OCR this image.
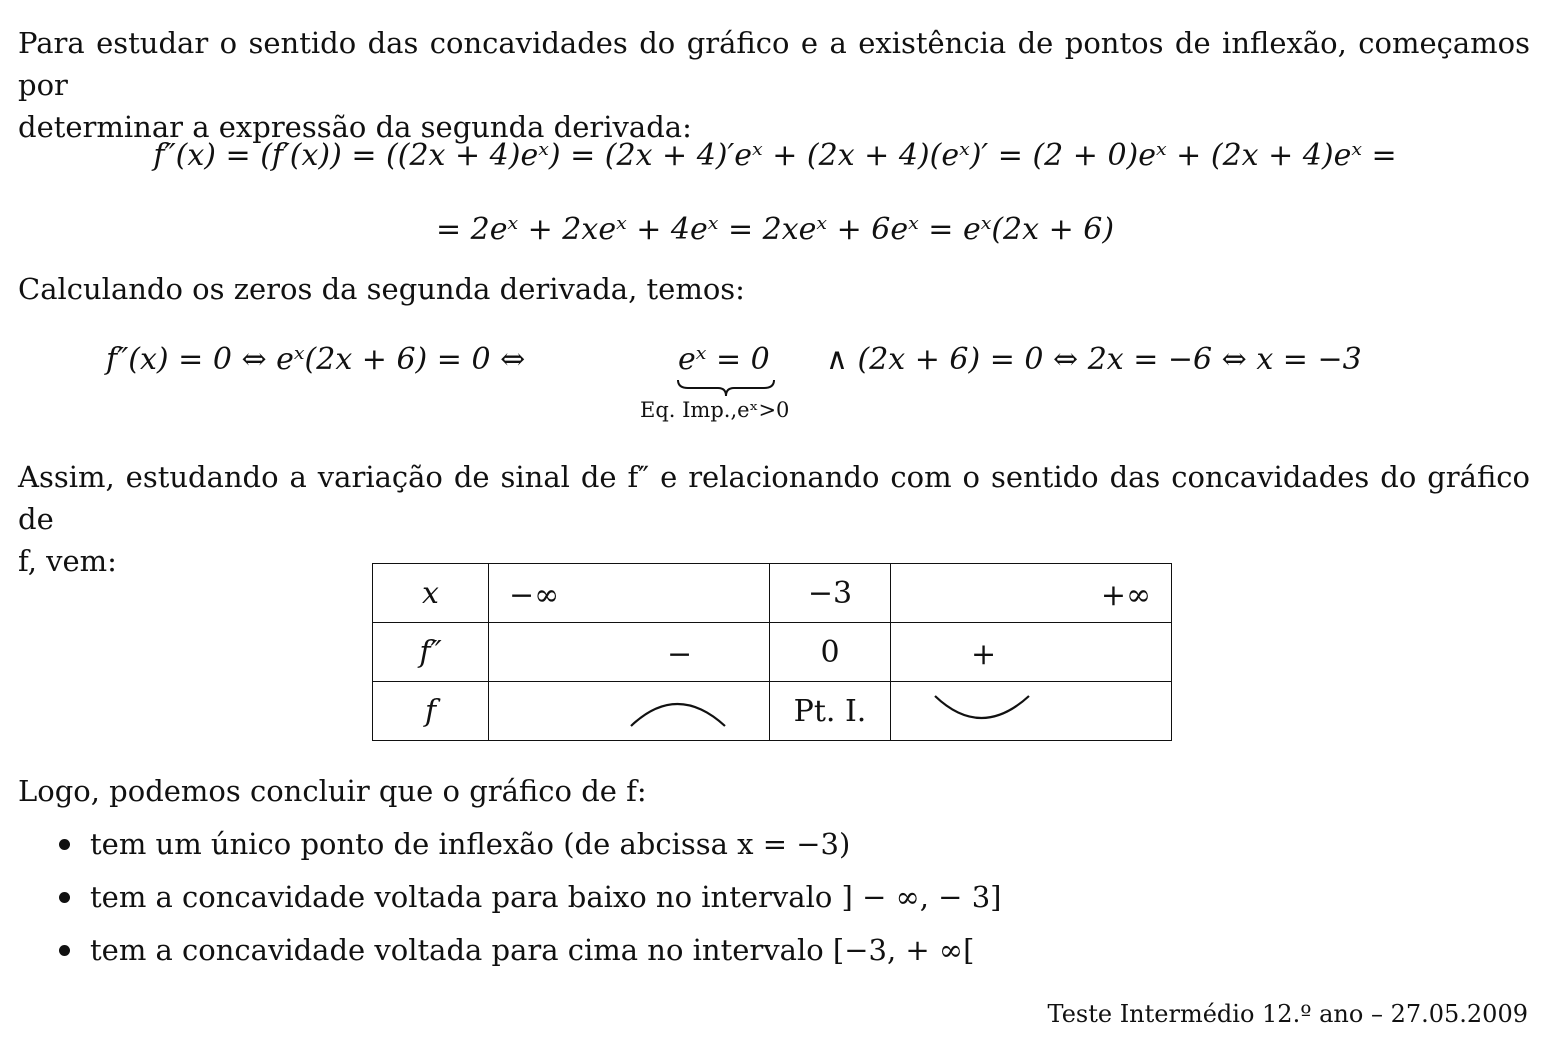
Para estudar o sentido das concavidades do gráfico e a existência de pontos de inflexão, começamos por
determinar a expressão da segunda derivada:

f″(x) = (f′(x)) = ((2x + 4)eˣ) = (2x + 4)′eˣ + (2x + 4)(eˣ)′ = (2 + 0)eˣ + (2x + 4)eˣ =
= 2eˣ + 2xeˣ + 4eˣ = 2xeˣ + 6eˣ = eˣ(2x + 6)

Calculando os zeros da segunda derivada, temos:

f″(x) = 0 ⇔ eˣ(2x + 6) = 0 ⇔	eˣ = 0
Eq. Imp.,eˣ>0
∧ (2x + 6) = 0 ⇔ 2x = −6 ⇔ x = −3

Assim, estudando a variação de sinal de f″ e relacionando com o sentido das concavidades do gráfico de
f, vem:

x	−∞	−3	+∞

f″	−	0	+

f		Pt. I.	

Logo, podemos concluir que o gráfico de f:

tem um único ponto de inflexão (de abcissa x = −3)
tem a concavidade voltada para baixo no intervalo ] − ∞, − 3]
tem a concavidade voltada para cima no intervalo [−3, + ∞[
Teste Intermédio 12.º ano – 27.05.2009
